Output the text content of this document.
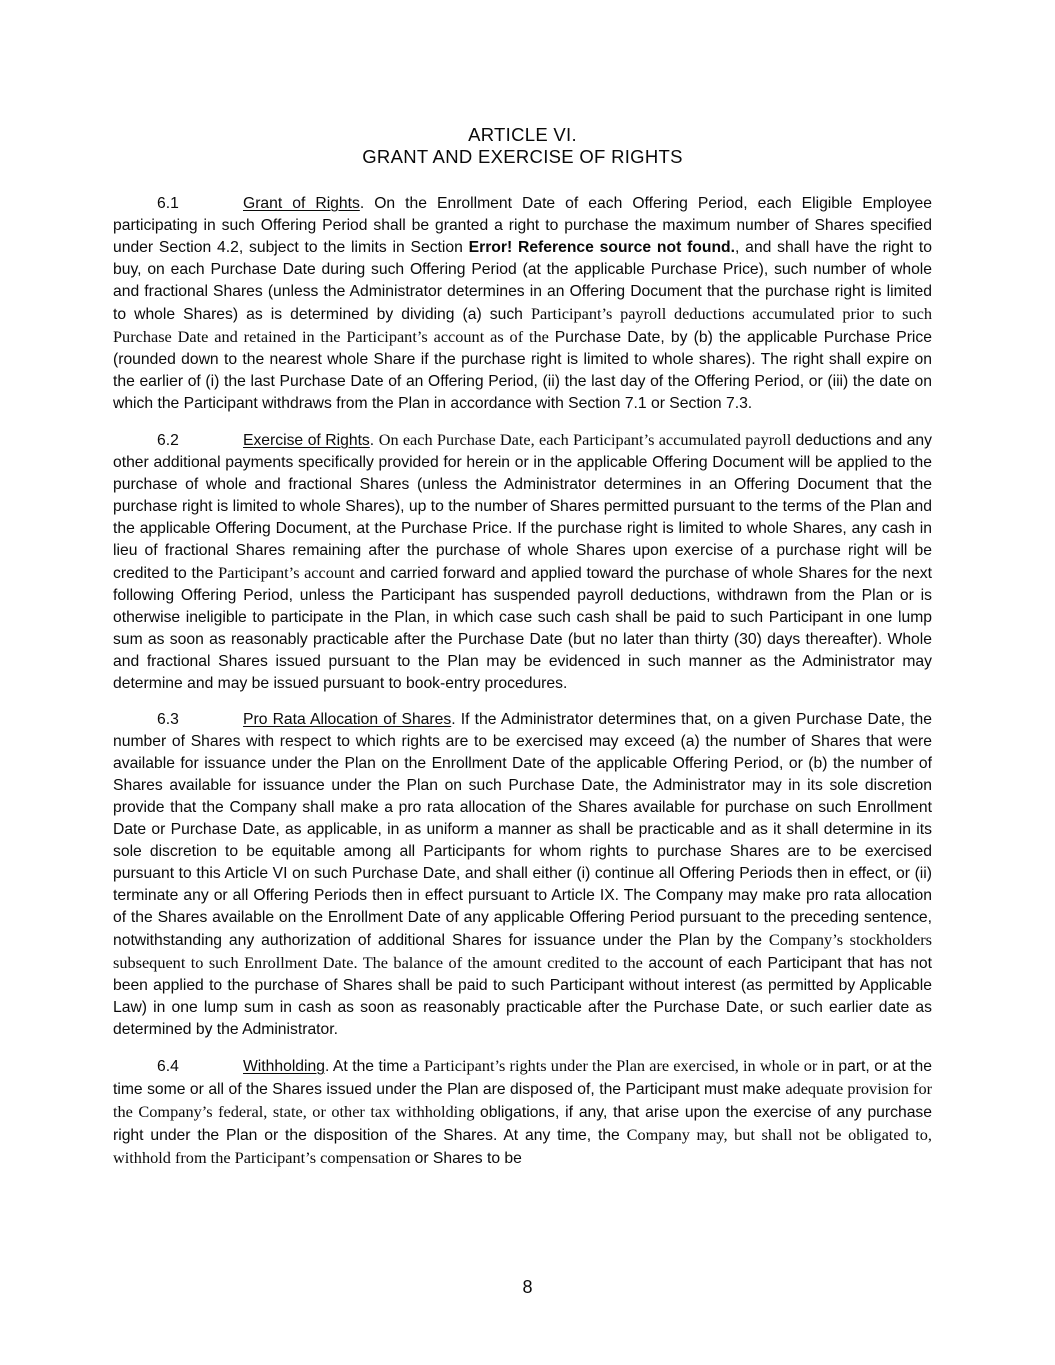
ARTICLE VI.
GRANT AND EXERCISE OF RIGHTS

6.1	Grant of Rights. On the Enrollment Date of each Offering Period, each Eligible Employee participating in such Offering Period shall be granted a right to purchase the maximum number of Shares specified under Section 4.2, subject to the limits in Section Error! Reference source not found., and shall have the right to buy, on each Purchase Date during such Offering Period (at the applicable Purchase Price), such number of whole and fractional Shares (unless the Administrator determines in an Offering Document that the purchase right is limited to whole Shares) as is determined by dividing (a) such Participant’s payroll deductions accumulated prior to such Purchase Date and retained in the Participant’s account as of the Purchase Date, by (b) the applicable Purchase Price (rounded down to the nearest whole Share if the purchase right is limited to whole shares). The right shall expire on the earlier of (i) the last Purchase Date of an Offering Period, (ii) the last day of the Offering Period, or (iii) the date on which the Participant withdraws from the Plan in accordance with Section 7.1 or Section 7.3.

6.2	Exercise of Rights. On each Purchase Date, each Participant’s accumulated payroll deductions and any other additional payments specifically provided for herein or in the applicable Offering Document will be applied to the purchase of whole and fractional Shares (unless the Administrator determines in an Offering Document that the purchase right is limited to whole Shares), up to the number of Shares permitted pursuant to the terms of the Plan and the applicable Offering Document, at the Purchase Price. If the purchase right is limited to whole Shares, any cash in lieu of fractional Shares remaining after the purchase of whole Shares upon exercise of a purchase right will be credited to the Participant’s account and carried forward and applied toward the purchase of whole Shares for the next following Offering Period, unless the Participant has suspended payroll deductions, withdrawn from the Plan or is otherwise ineligible to participate in the Plan, in which case such cash shall be paid to such Participant in one lump sum as soon as reasonably practicable after the Purchase Date (but no later than thirty (30) days thereafter). Whole and fractional Shares issued pursuant to the Plan may be evidenced in such manner as the Administrator may determine and may be issued pursuant to book-entry procedures.

6.3	Pro Rata Allocation of Shares. If the Administrator determines that, on a given Purchase Date, the number of Shares with respect to which rights are to be exercised may exceed (a) the number of Shares that were available for issuance under the Plan on the Enrollment Date of the applicable Offering Period, or (b) the number of Shares available for issuance under the Plan on such Purchase Date, the Administrator may in its sole discretion provide that the Company shall make a pro rata allocation of the Shares available for purchase on such Enrollment Date or Purchase Date, as applicable, in as uniform a manner as shall be practicable and as it shall determine in its sole discretion to be equitable among all Participants for whom rights to purchase Shares are to be exercised pursuant to this Article VI on such Purchase Date, and shall either (i) continue all Offering Periods then in effect, or (ii) terminate any or all Offering Periods then in effect pursuant to Article IX. The Company may make pro rata allocation of the Shares available on the Enrollment Date of any applicable Offering Period pursuant to the preceding sentence, notwithstanding any authorization of additional Shares for issuance under the Plan by the Company’s stockholders subsequent to such Enrollment Date. The balance of the amount credited to the account of each Participant that has not been applied to the purchase of Shares shall be paid to such Participant without interest (as permitted by Applicable Law) in one lump sum in cash as soon as reasonably practicable after the Purchase Date, or such earlier date as determined by the Administrator.

6.4	Withholding. At the time a Participant’s rights under the Plan are exercised, in whole or in part, or at the time some or all of the Shares issued under the Plan are disposed of, the Participant must make adequate provision for the Company’s federal, state, or other tax withholding obligations, if any, that arise upon the exercise of any purchase right under the Plan or the disposition of the Shares. At any time, the Company may, but shall not be obligated to, withhold from the Participant’s compensation or Shares to be

8
